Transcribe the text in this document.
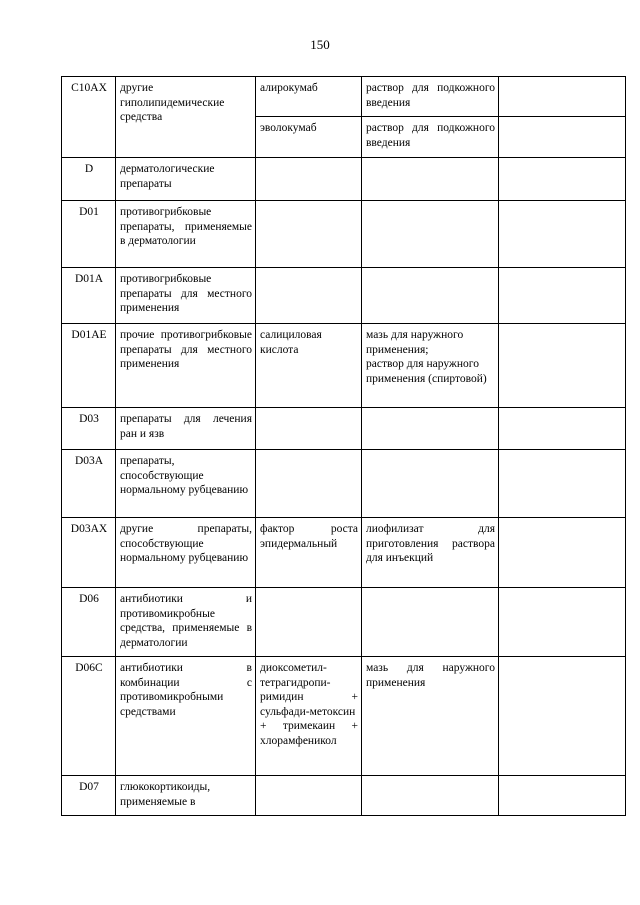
150
C10AX	другие гиполипидемические средства	алирокумаб	раствор для подкожного введения	
		эволокумаб	раствор для подкожного введения	
D	дерматологические препараты			
D01	противогрибковые препараты, применяемые в дерматологии			
D01A	противогрибковые препараты для местного применения			
D01AE	прочие противогрибковые препараты для местного применения	салициловая кислота	мазь для наружного применения;
раствор для наружного применения (спиртовой)	
D03	препараты для лечения ран и язв			
D03A	препараты, способствующие нормальному рубцеванию			
D03AX	другие препараты, способствующие нормальному рубцеванию	фактор роста эпидермальный	лиофилизат для приготовления раствора для инъекций	
D06	антибиотики и противомикробные средства, применяемые в дерматологии			
D06C	антибиотики в комбинации с противомикробными средствами	диоксометил-тетрагидропи-римидин + сульфади-метоксин + тримекаин + хлорамфеникол	мазь для наружного применения	
D07	глюкокортикоиды, применяемые в			
